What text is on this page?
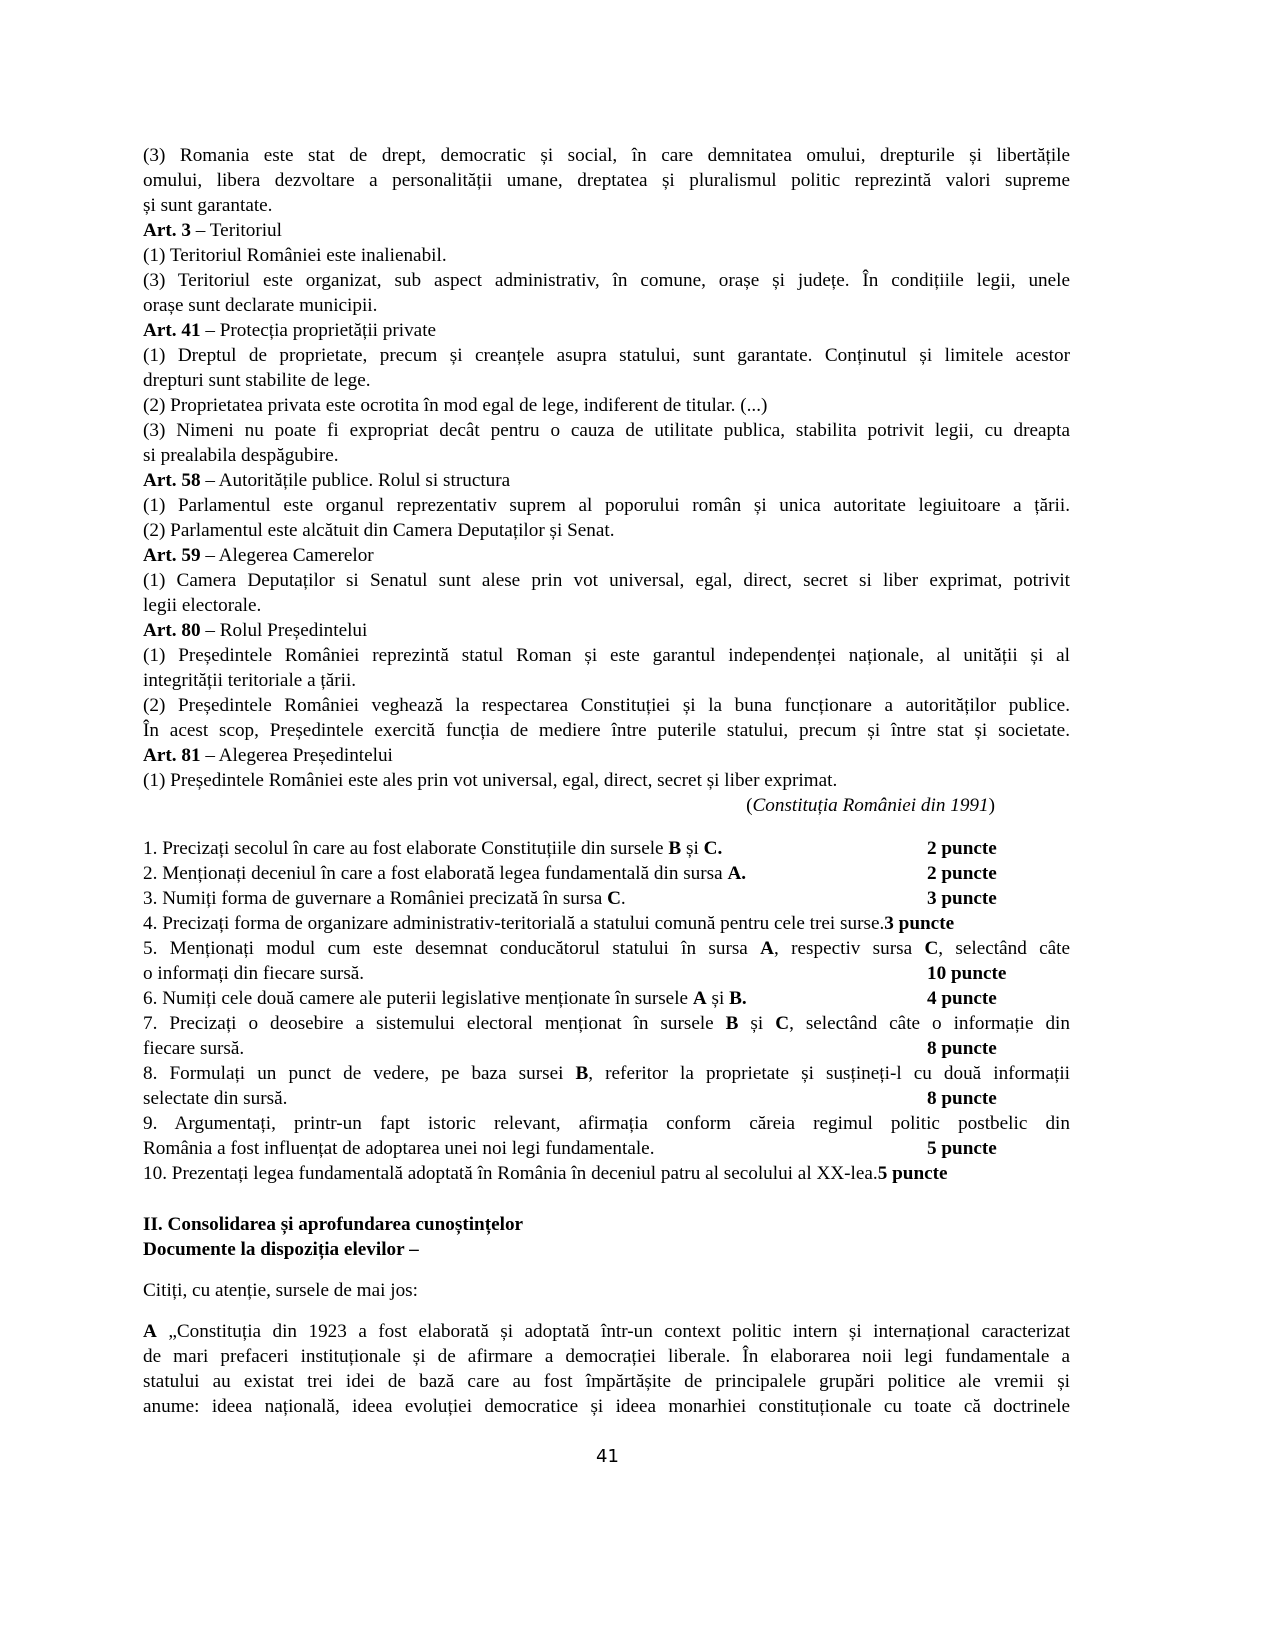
(3) Romania este stat de drept, democratic și social, în care demnitatea omului, drepturile și libertățile
omului, libera dezvoltare a personalității umane, dreptatea și pluralismul politic reprezintă valori supreme
și sunt garantate.
Art. 3 – Teritoriul
(1) Teritoriul României este inalienabil.
(3) Teritoriul este organizat, sub aspect administrativ, în comune, orașe și județe. În condițiile legii, unele
orașe sunt declarate municipii.
Art. 41 – Protecția proprietății private
(1) Dreptul de proprietate, precum și creanțele asupra statului, sunt garantate. Conținutul și limitele acestor
drepturi sunt stabilite de lege.
(2) Proprietatea privata este ocrotita în mod egal de lege, indiferent de titular. (...)
(3) Nimeni nu poate fi expropriat decât pentru o cauza de utilitate publica, stabilita potrivit legii, cu dreapta
si prealabila despăgubire.
Art. 58 – Autoritățile publice. Rolul si structura
(1) Parlamentul este organul reprezentativ suprem al poporului român și unica autoritate legiuitoare a țării.
(2) Parlamentul este alcătuit din Camera Deputaților și Senat.
Art. 59 – Alegerea Camerelor
(1) Camera Deputaților si Senatul sunt alese prin vot universal, egal, direct, secret si liber exprimat, potrivit
legii electorale.
Art. 80 – Rolul Președintelui
(1) Președintele României reprezintă statul Roman și este garantul independenței naționale, al unității și al
integrității teritoriale a țării.
(2) Președintele României veghează la respectarea Constituției și la buna funcționare a autorităților publice.
În acest scop, Președintele exercită funcția de mediere între puterile statului, precum și între stat și societate.
Art. 81 – Alegerea Președintelui
(1) Președintele României este ales prin vot universal, egal, direct, secret și liber exprimat.
(Constituția României din 1991)
1. Precizați secolul în care au fost elaborate Constituțiile din sursele B și C.	2 puncte
2. Menționați deceniul în care a fost elaborată legea fundamentală din sursa A.	2 puncte
3. Numiți forma de guvernare a României precizată în sursa C.	3 puncte
4. Precizați forma de organizare administrativ-teritorială a statului comună pentru cele trei surse.3 puncte
5. Menționați modul cum este desemnat conducătorul statului în sursa A, respectiv sursa C, selectând câte
o informați din fiecare sursă.	10 puncte
6. Numiți cele două camere ale puterii legislative menționate în sursele A și B.	4 puncte
7. Precizați o deosebire a sistemului electoral menționat în sursele B și C, selectând câte o informație din
fiecare sursă.	8 puncte
8. Formulați un punct de vedere, pe baza sursei B, referitor la proprietate și susțineți-l cu două informații
selectate din sursă.	8 puncte
9. Argumentați, printr-un fapt istoric relevant, afirmația conform căreia regimul politic postbelic din
România a fost influențat de adoptarea unei noi legi fundamentale.	5 puncte
10. Prezentați legea fundamentală adoptată în România în deceniul patru al secolului al XX-lea.5 puncte
II. Consolidarea și aprofundarea cunoștințelor
Documente la dispoziția elevilor –
Citiți, cu atenție, sursele de mai jos:
A „Constituția din 1923 a fost elaborată și adoptată într-un context politic intern și internațional caracterizat
de mari prefaceri instituționale și de afirmare a democrației liberale. În elaborarea noii legi fundamentale a
statului au existat trei idei de bază care au fost împărtășite de principalele grupări politice ale vremii și
anume: ideea națională, ideea evoluției democratice și ideea monarhiei constituționale cu toate că doctrinele
41
